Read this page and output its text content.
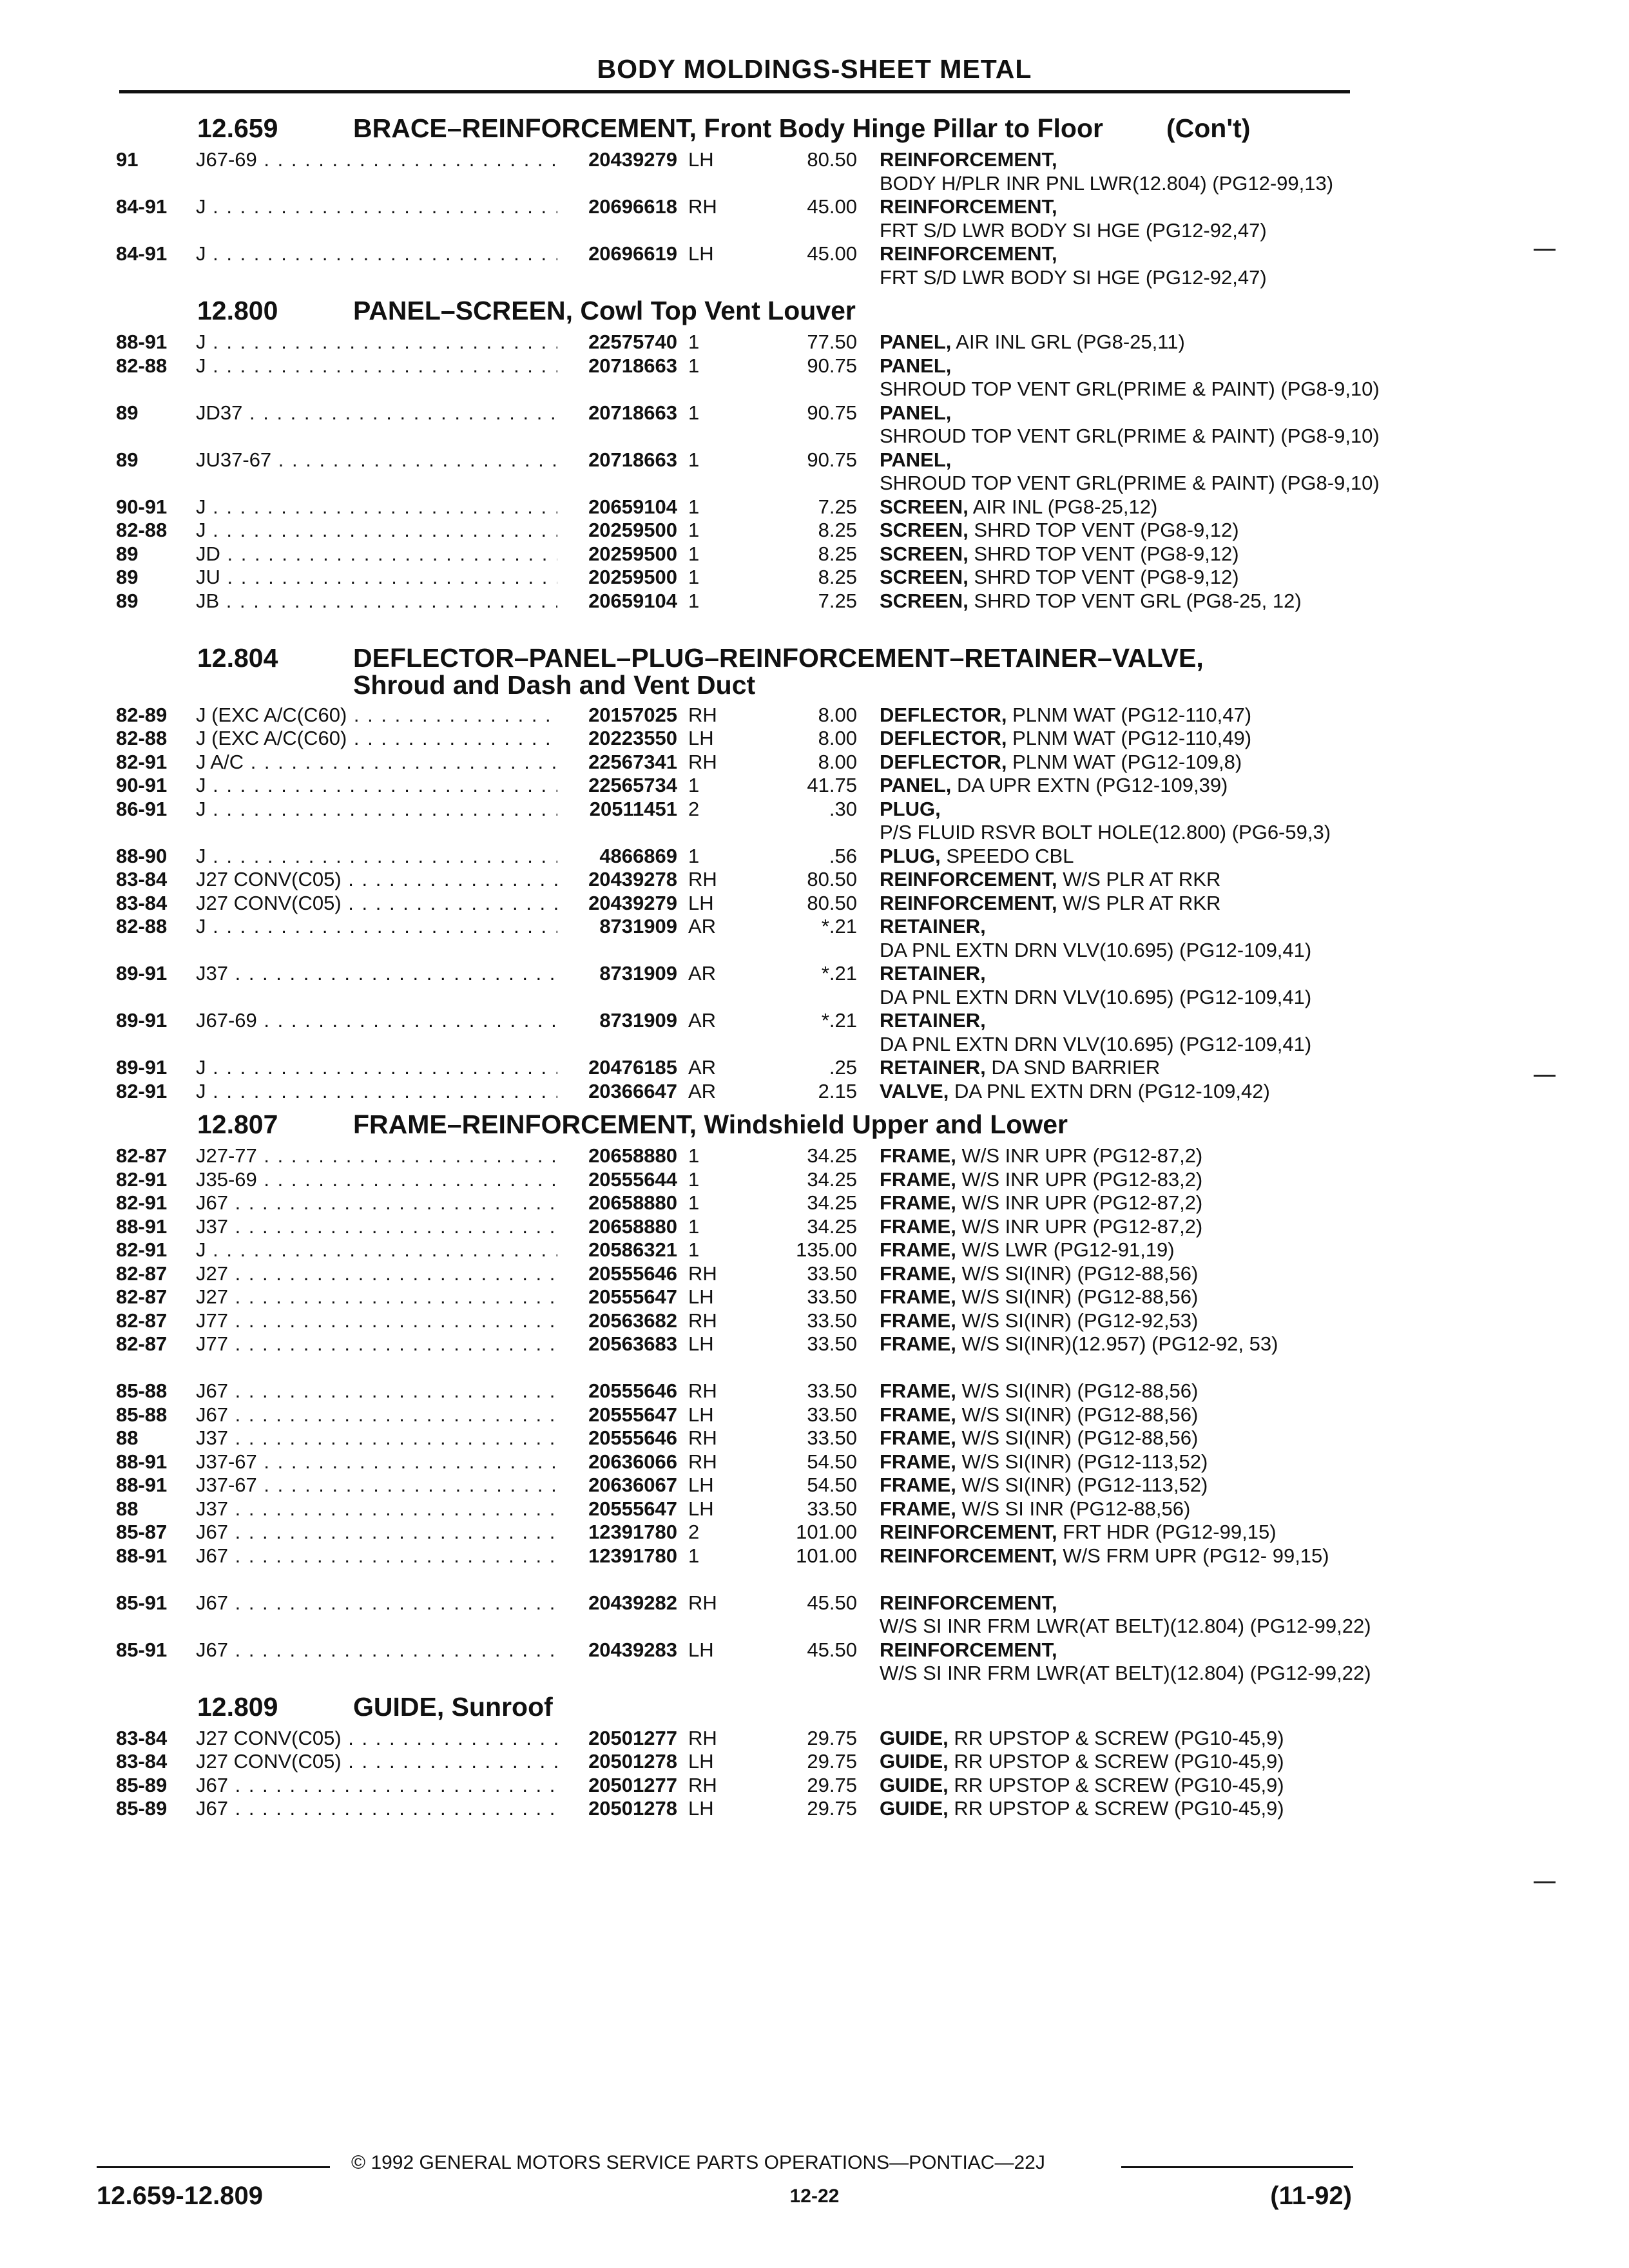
BODY MOLDINGS-SHEET METAL
12.659	BRACE–REINFORCEMENT, Front Body Hinge Pillar to Floor (Con't)
91	J67-69 . . .	20439279 LH	80.50 REINFORCEMENT, BODY H/PLR INR PNL LWR(12.804) (PG12-99,13)
84-91 J . . .	20696618 RH	45.00 REINFORCEMENT, FRT S/D LWR BODY SI HGE (PG12-92,47)
84-91 J . . .	20696619 LH	45.00 REINFORCEMENT, FRT S/D LWR BODY SI HGE (PG12-92,47)
12.800	PANEL–SCREEN, Cowl Top Vent Louver
88-91 J . . .	22575740 1	77.50 PANEL, AIR INL GRL (PG8-25,11)
82-88 J . . .	20718663 1	90.75 PANEL, SHROUD TOP VENT GRL(PRIME & PAINT) (PG8-9,10)
89	JD37 . . .	20718663 1	90.75 PANEL, SHROUD TOP VENT GRL(PRIME & PAINT) (PG8-9,10)
89	JU37-67 . . .	20718663 1	90.75 PANEL, SHROUD TOP VENT GRL(PRIME & PAINT) (PG8-9,10)
90-91 J . . .	20659104 1	7.25 SCREEN, AIR INL (PG8-25,12)
82-88 J . . .	20259500 1	8.25 SCREEN, SHRD TOP VENT (PG8-9,12)
89	JD . . .	20259500 1	8.25 SCREEN, SHRD TOP VENT (PG8-9,12)
89	JU . . .	20259500 1	8.25 SCREEN, SHRD TOP VENT (PG8-9,12)
89	JB . . .	20659104 1	7.25 SCREEN, SHRD TOP VENT GRL (PG8-25, 12)
12.804	DEFLECTOR–PANEL–PLUG–REINFORCEMENT–RETAINER–VALVE,
Shroud and Dash and Vent Duct
82-89 J (EXC A/C(C60) . . .	20157025 RH	8.00 DEFLECTOR, PLNM WAT (PG12-110,47)
82-88 J (EXC A/C(C60) . . .	20223550 LH	8.00 DEFLECTOR, PLNM WAT (PG12-110,49)
82-91 J A/C . . .	22567341 RH	8.00 DEFLECTOR, PLNM WAT (PG12-109,8)
90-91 J . . .	22565734 1	41.75 PANEL, DA UPR EXTN (PG12-109,39)
86-91 J . . .	20511451 2	.30 PLUG, P/S FLUID RSVR BOLT HOLE(12.800) (PG6-59,3)
88-90 J . . .	4866869 1	.56 PLUG, SPEEDO CBL
83-84 J27 CONV(C05) . . .	20439278 RH	80.50 REINFORCEMENT, W/S PLR AT RKR
83-84 J27 CONV(C05) . . .	20439279 LH	80.50 REINFORCEMENT, W/S PLR AT RKR
82-88 J . . .	8731909 AR	*.21 RETAINER, DA PNL EXTN DRN VLV(10.695) (PG12-109,41)
89-91 J37 . . .	8731909 AR	*.21 RETAINER, DA PNL EXTN DRN VLV(10.695) (PG12-109,41)
89-91 J67-69 . . .	8731909 AR	*.21 RETAINER, DA PNL EXTN DRN VLV(10.695) (PG12-109,41)
89-91 J . . .	20476185 AR	.25 RETAINER, DA SND BARRIER
82-91 J . . .	20366647 AR	2.15 VALVE, DA PNL EXTN DRN (PG12-109,42)
12.807	FRAME–REINFORCEMENT, Windshield Upper and Lower
82-87 J27-77 . . .	20658880 1	34.25 FRAME, W/S INR UPR (PG12-87,2)
82-91 J35-69 . . .	20555644 1	34.25 FRAME, W/S INR UPR (PG12-83,2)
82-91 J67 . . .	20658880 1	34.25 FRAME, W/S INR UPR (PG12-87,2)
88-91 J37 . . .	20658880 1	34.25 FRAME, W/S INR UPR (PG12-87,2)
82-91 J . . .	20586321 1	135.00 FRAME, W/S LWR (PG12-91,19)
82-87 J27 . . .	20555646 RH	33.50 FRAME, W/S SI(INR) (PG12-88,56)
82-87 J27 . . .	20555647 LH	33.50 FRAME, W/S SI(INR) (PG12-88,56)
82-87 J77 . . .	20563682 RH	33.50 FRAME, W/S SI(INR) (PG12-92,53)
82-87 J77 . . .	20563683 LH	33.50 FRAME, W/S SI(INR)(12.957) (PG12-92, 53)
85-88 J67 . . .	20555646 RH	33.50 FRAME, W/S SI(INR) (PG12-88,56)
85-88 J67 . . .	20555647 LH	33.50 FRAME, W/S SI(INR) (PG12-88,56)
88	J37 . . .	20555646 RH	33.50 FRAME, W/S SI(INR) (PG12-88,56)
88-91 J37-67 . . .	20636066 RH	54.50 FRAME, W/S SI(INR) (PG12-113,52)
88-91 J37-67 . . .	20636067 LH	54.50 FRAME, W/S SI(INR) (PG12-113,52)
88	J37 . . .	20555647 LH	33.50 FRAME, W/S SI INR (PG12-88,56)
85-87 J67 . . .	12391780 2	101.00 REINFORCEMENT, FRT HDR (PG12-99,15)
88-91 J67 . . .	12391780 1	101.00 REINFORCEMENT, W/S FRM UPR (PG12- 99,15)
85-91 J67 . . .	20439282 RH	45.50 REINFORCEMENT, W/S SI INR FRM LWR(AT BELT)(12.804) (PG12-99,22)
85-91 J67 . . .	20439283 LH	45.50 REINFORCEMENT, W/S SI INR FRM LWR(AT BELT)(12.804) (PG12-99,22)
12.809	GUIDE, Sunroof
83-84 J27 CONV(C05) . . .	20501277 RH	29.75 GUIDE, RR UPSTOP & SCREW (PG10-45,9)
83-84 J27 CONV(C05) . . .	20501278 LH	29.75 GUIDE, RR UPSTOP & SCREW (PG10-45,9)
85-89 J67 . . .	20501277 RH	29.75 GUIDE, RR UPSTOP & SCREW (PG10-45,9)
85-89 J67 . . .	20501278 LH	29.75 GUIDE, RR UPSTOP & SCREW (PG10-45,9)
© 1992 GENERAL MOTORS SERVICE PARTS OPERATIONS—PONTIAC—22J
12.659-12.809	12-22	(11-92)
